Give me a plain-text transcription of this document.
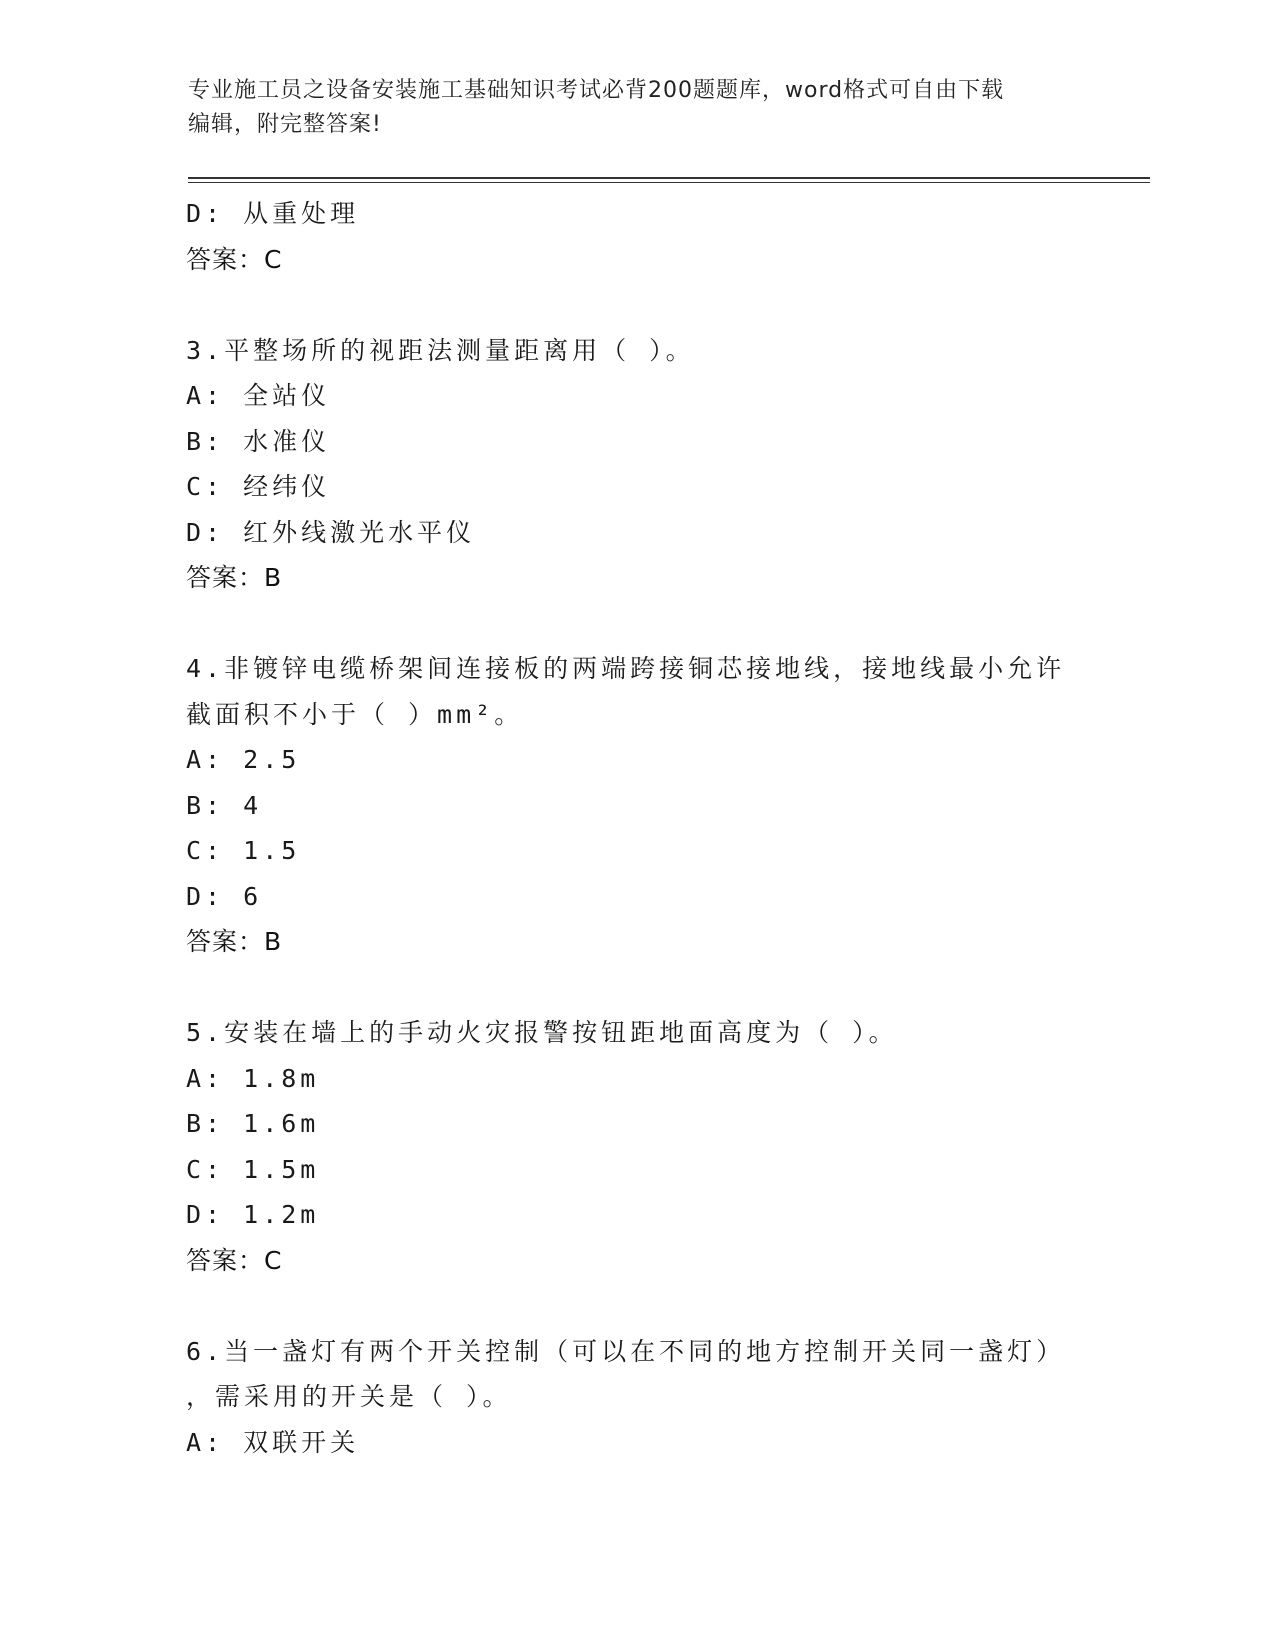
专业施工员之设备安装施工基础知识考试必背200题题库，word格式可自由下载
编辑，附完整答案!
D: 从重处理
答案：C
3.平整场所的视距法测量距离用（ ）。
A: 全站仪
B: 水准仪
C: 经纬仪
D: 红外线激光水平仪
答案：B
4.非镀锌电缆桥架间连接板的两端跨接铜芯接地线，接地线最小允许
截面积不小于（ ）mm²。
A: 2.5
B: 4
C: 1.5
D: 6
答案：B
5.安装在墙上的手动火灾报警按钮距地面高度为（ ）。
A: 1.8m
B: 1.6m
C: 1.5m
D: 1.2m
答案：C
6.当一盏灯有两个开关控制（可以在不同的地方控制开关同一盏灯）
，需采用的开关是（ ）。
A: 双联开关
